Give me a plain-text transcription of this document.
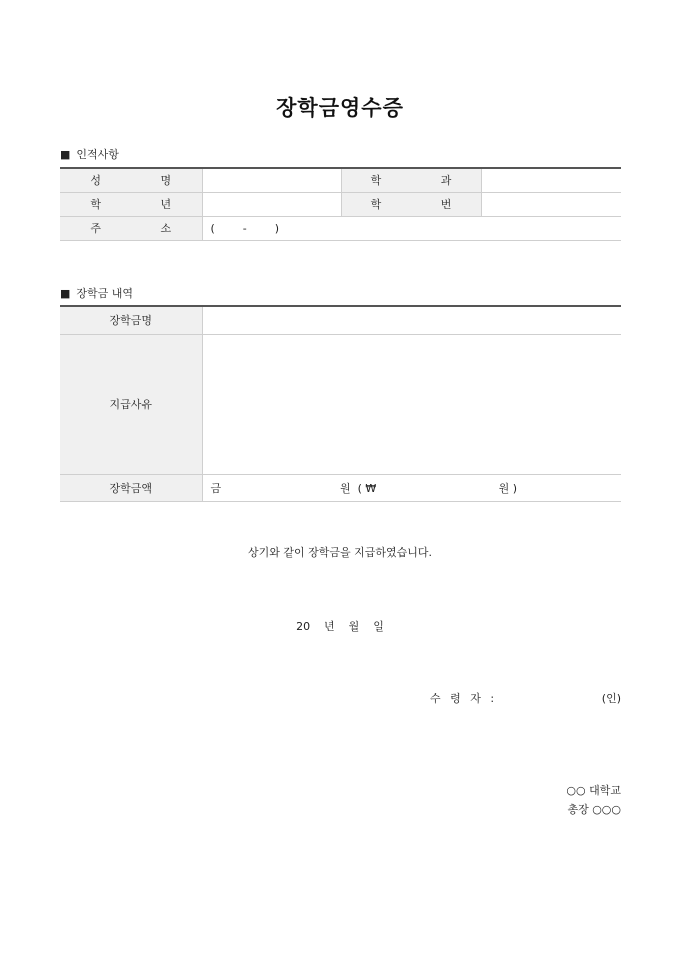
장학금영수증
■ 인적사항
성 명		학 과	
학 년		학 번	
주 소	(        -        )		
■ 장학금 내역
장학금명	
지급사유	
장학금액	금                                  원  ( ₩                                   원 )
상기와 같이 장학금을 지급하였습니다.
20    년    월    일
수 령 자 :	(인)
○○ 대학교
총장 ○○○
